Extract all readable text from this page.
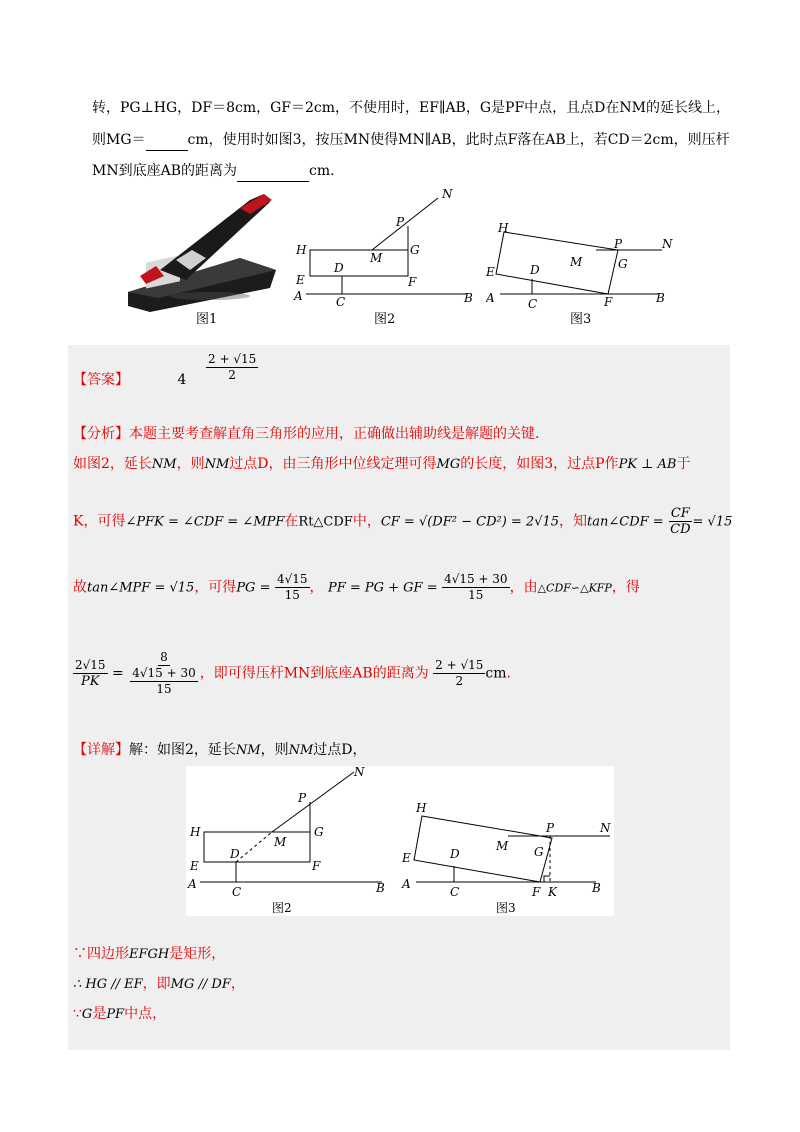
转，PG⊥HG，DF＝8cm，GF＝2cm，不使用时，EF∥AB，G是PF中点，且点D在NM的延长线上，
则MG＝	cm，使用时如图3，按压MN使得MN∥AB，此时点F落在AB上，若CD＝2cm，则压杆
MN到底座AB的距离为	cm.
图1
H
E
A	C
D
M
P
G
F
N
B
图2
H
E
A	C
D
M
P
G
F
N
B
图3
【答案】	$4 \frac{2 + √15}{2}$
【分析】本题主要考查解直角三角形的应用，正确做出辅助线是解题的关键.
如图2，延长NM，则NM过点D，由三角形中位线定理可得MG的长度，如图3，过点P作PK ⊥ AB于
K，可得∠PFK = ∠CDF = ∠MPF在Rt△CDF中，CF = √(DF² − CD²) = 2√15，知tan∠CDF = $\frac{CF}{CD} = √15$
故tan∠MPF = √15，可得PG = $\frac{4√15}{15}$ ， PF = PG + GF = $\frac{4√15 + 30}{15}$ ，由△CDF∽△KFP，得
$\frac{2√15}{PK} = \frac{8}{\frac{4√15 + 30}{15}}$ ，即可得压杆MN到底座AB的距离为 $\frac{2 + √15}{2}$ cm.
【详解】解：如图2，延长NM，则NM过点D，
H
E
A
C
D
M
P
G
F
N
B
H
E
A
C
D
M
P
G
F K
N
B
图2	图3
∵四边形EFGH是矩形，
∴ HG // EF，即MG // DF，
∵G是PF中点，
